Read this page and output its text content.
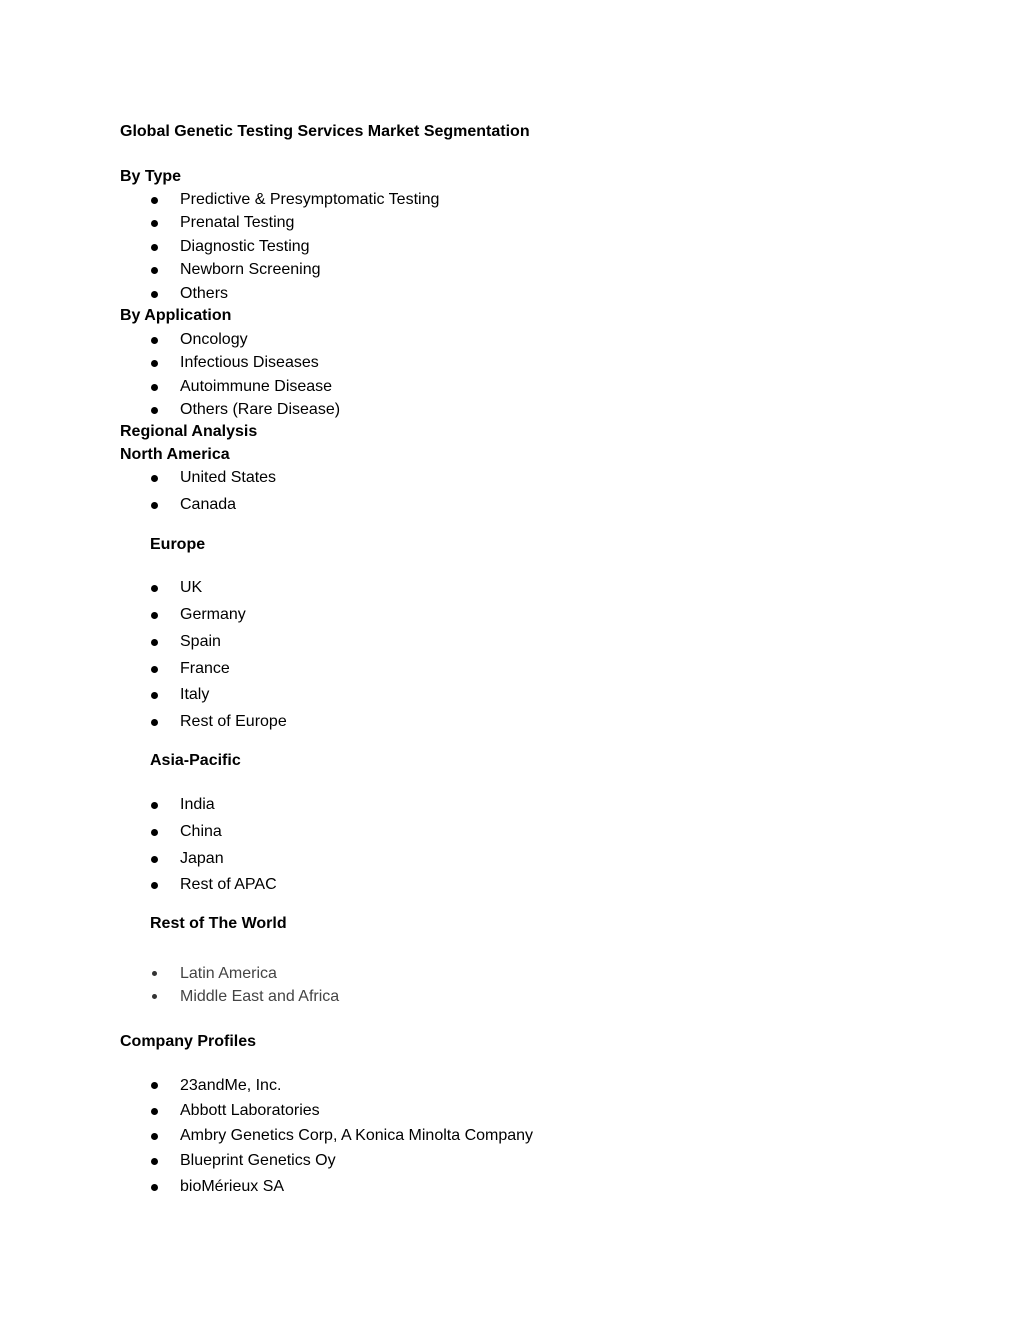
Global Genetic Testing Services Market Segmentation
By Type
Predictive & Presymptomatic Testing
Prenatal Testing
Diagnostic Testing
Newborn Screening
Others
By Application
Oncology
Infectious Diseases
Autoimmune Disease
Others (Rare Disease)
Regional Analysis
North America
United States
Canada
Europe
UK
Germany
Spain
France
Italy
Rest of Europe
Asia-Pacific
India
China
Japan
Rest of APAC
Rest of The World
Latin America
Middle East and Africa
Company Profiles
23andMe, Inc.
Abbott Laboratories
Ambry Genetics Corp, A Konica Minolta Company
Blueprint Genetics Oy
bioMérieux SA
